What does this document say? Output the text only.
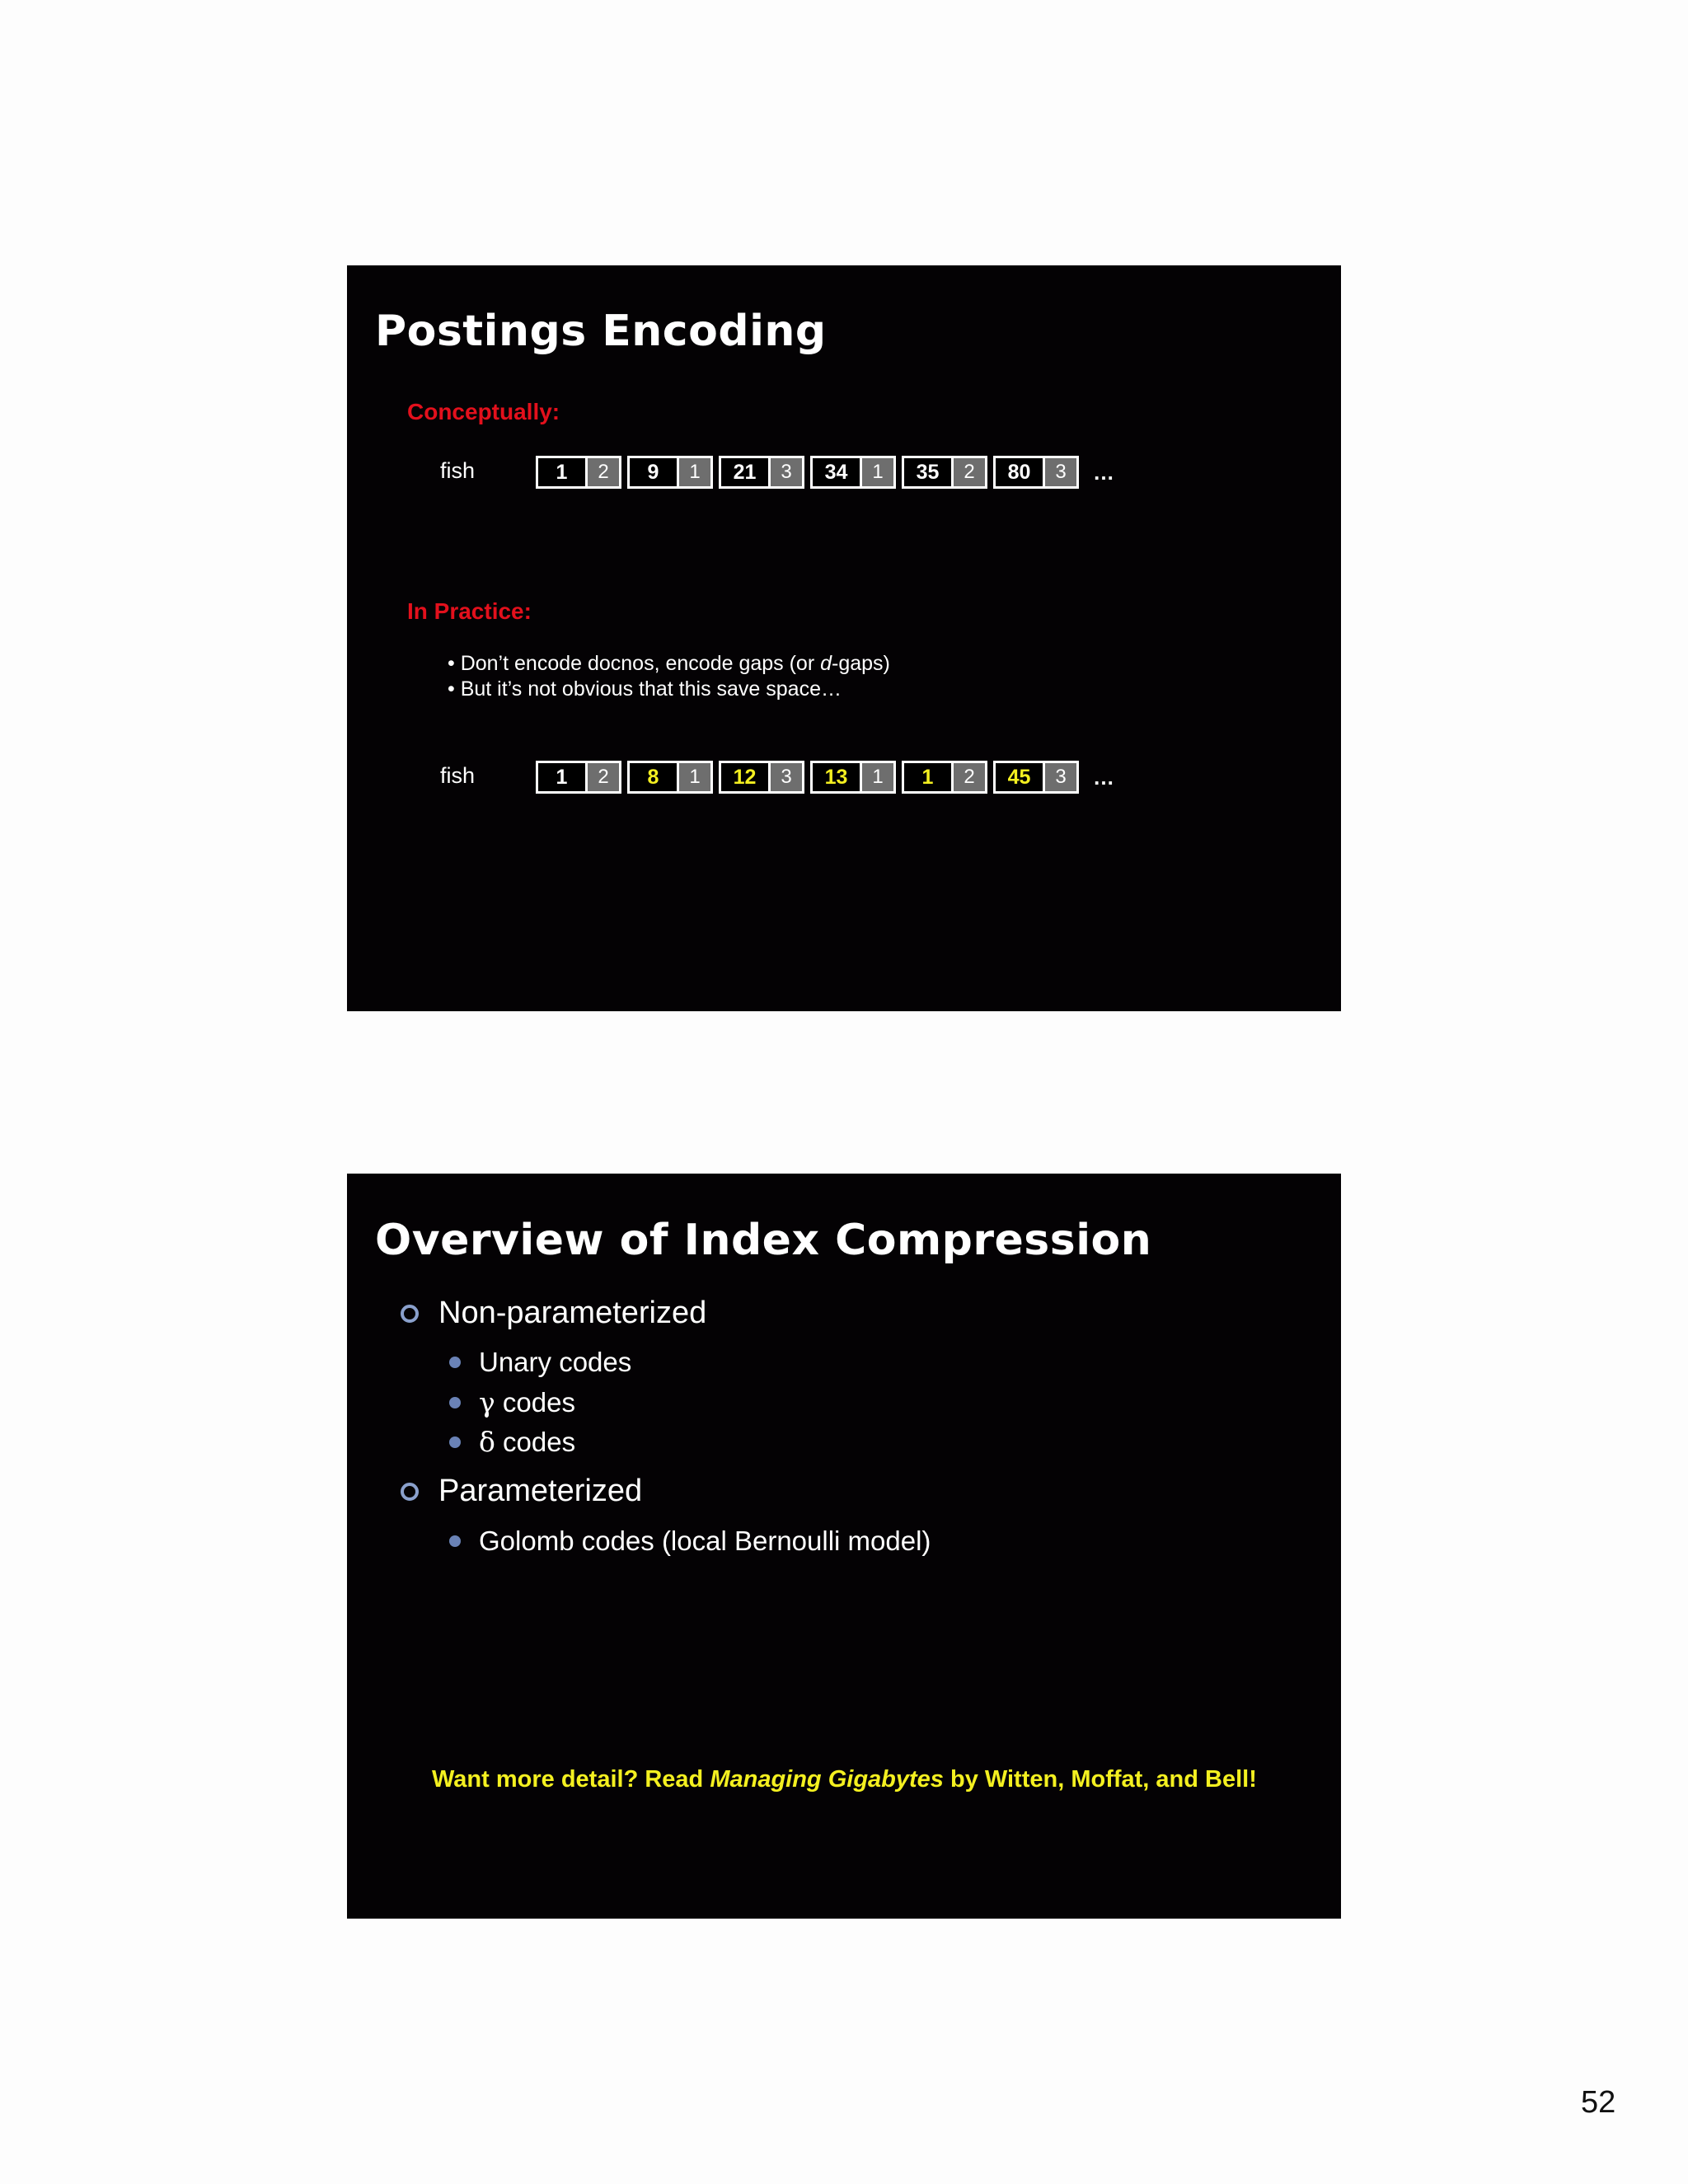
Postings Encoding
Conceptually:
fish	1	2	9	1	21	3	34	1	35	2	80	3	…
In Practice:
• Don’t encode docnos, encode gaps (or d-gaps)
• But it’s not obvious that this save space…
fish	1	2	8	1	12	3	13	1	1	2	45	3	…
Overview of Index Compression
Non-parameterized
Unary codes
γ codes
δ codes
Parameterized
Golomb codes (local Bernoulli model)
Want more detail? Read Managing Gigabytes by Witten, Moffat, and Bell!
52
